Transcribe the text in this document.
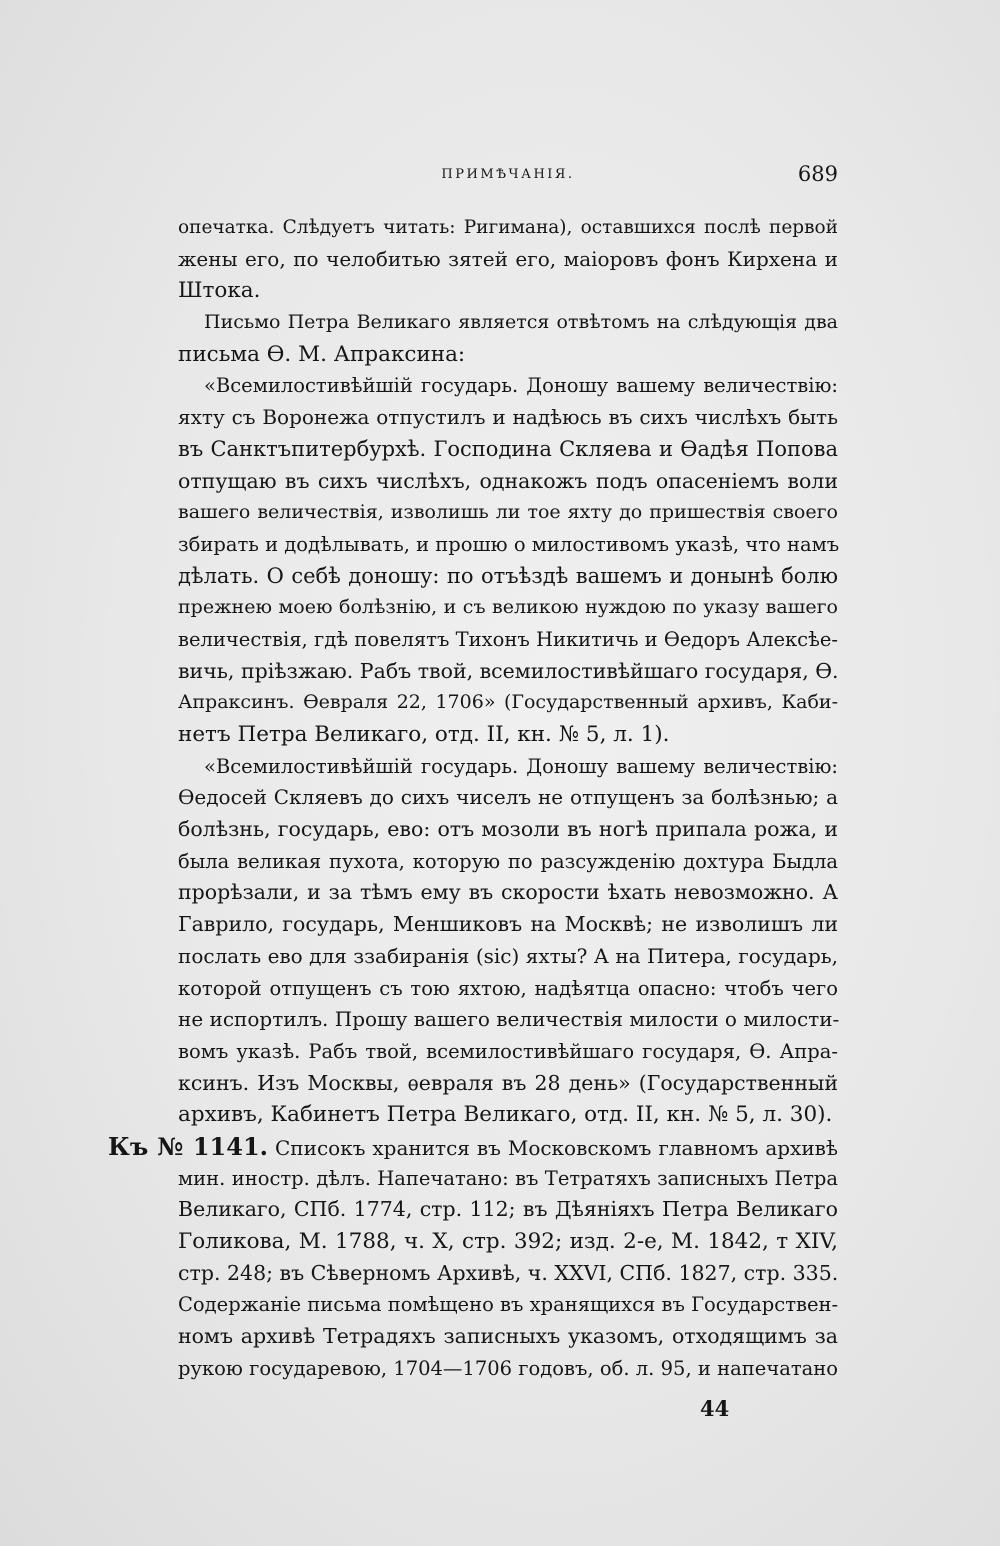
ПРИМѢЧАНІЯ.	689
опечатка. Слѣдуетъ читать: Ригимана), оставшихся послѣ первой
жены его, по челобитью зятей его, маіоровъ фонъ Кирхена и
Штока.
Письмо Петра Великаго является отвѣтомъ на слѣдующія два
письма Ѳ. М. Апраксина:
«Всемилостивѣйшій государь. Доношу вашему величествію:
яхту съ Воронежа отпустилъ и надѣюсь въ сихъ числѣхъ быть
въ Санктъпитербурхѣ. Господина Скляева и Ѳадѣя Попова
отпущаю въ сихъ числѣхъ, однакожъ подъ опасеніемъ воли
вашего величествія, изволишь ли тое яхту до пришествія своего
збирать и додѣлывать, и прошю о милостивомъ указѣ, что намъ
дѣлать. О себѣ доношу: по отъѣздѣ вашемъ и донынѣ болю
прежнею моею болѣзнію, и съ великою нуждою по указу вашего
величествія, гдѣ повелятъ Тихонъ Никитичь и Ѳедоръ Алексѣе-
вичь, пріѣзжаю. Рабъ твой, всемилостивѣйшаго государя, Ѳ.
Апраксинъ. Ѳевраля 22, 1706» (Государственный архивъ, Каби-
нетъ Петра Великаго, отд. II, кн. № 5, л. 1).
«Всемилостивѣйшій государь. Доношу вашему величествію:
Ѳедосей Скляевъ до сихъ чиселъ не отпущенъ за болѣзнью; а
болѣзнь, государь, ево: отъ мозоли въ ногѣ припала рожа, и
была великая пухота, которую по разсужденію дохтура Быдла
прорѣзали, и за тѣмъ ему въ скорости ѣхать невозможно. А
Гаврило, государь, Меншиковъ на Москвѣ; не изволишъ ли
послать ево для ззабиранія (sic) яхты? А на Питера, государь,
которой отпущенъ съ тою яхтою, надѣятца опасно: чтобъ чего
не испортилъ. Прошу вашего величествія милости о милости-
вомъ указѣ. Рабъ твой, всемилостивѣйшаго государя, Ѳ. Апра-
ксинъ. Изъ Москвы, ѳевраля въ 28 день» (Государственный
архивъ, Кабинетъ Петра Великаго, отд. II, кн. № 5, л. 30).
Къ № 1141. Списокъ хранится въ Московскомъ главномъ архивѣ
мин. иностр. дѣлъ. Напечатано: въ Тетратяхъ записныхъ Петра
Великаго, СПб. 1774, стр. 112; въ Дѣяніяхъ Петра Великаго
Голикова, М. 1788, ч. X, стр. 392; изд. 2-е, М. 1842, т XIV,
стр. 248; въ Сѣверномъ Архивѣ, ч. XXVI, СПб. 1827, стр. 335.
Содержаніе письма помѣщено въ хранящихся въ Государствен-
номъ архивѣ Тетрадяхъ записныхъ указомъ, отходящимъ за
рукою государевою, 1704—1706 годовъ, об. л. 95, и напечатано
44
